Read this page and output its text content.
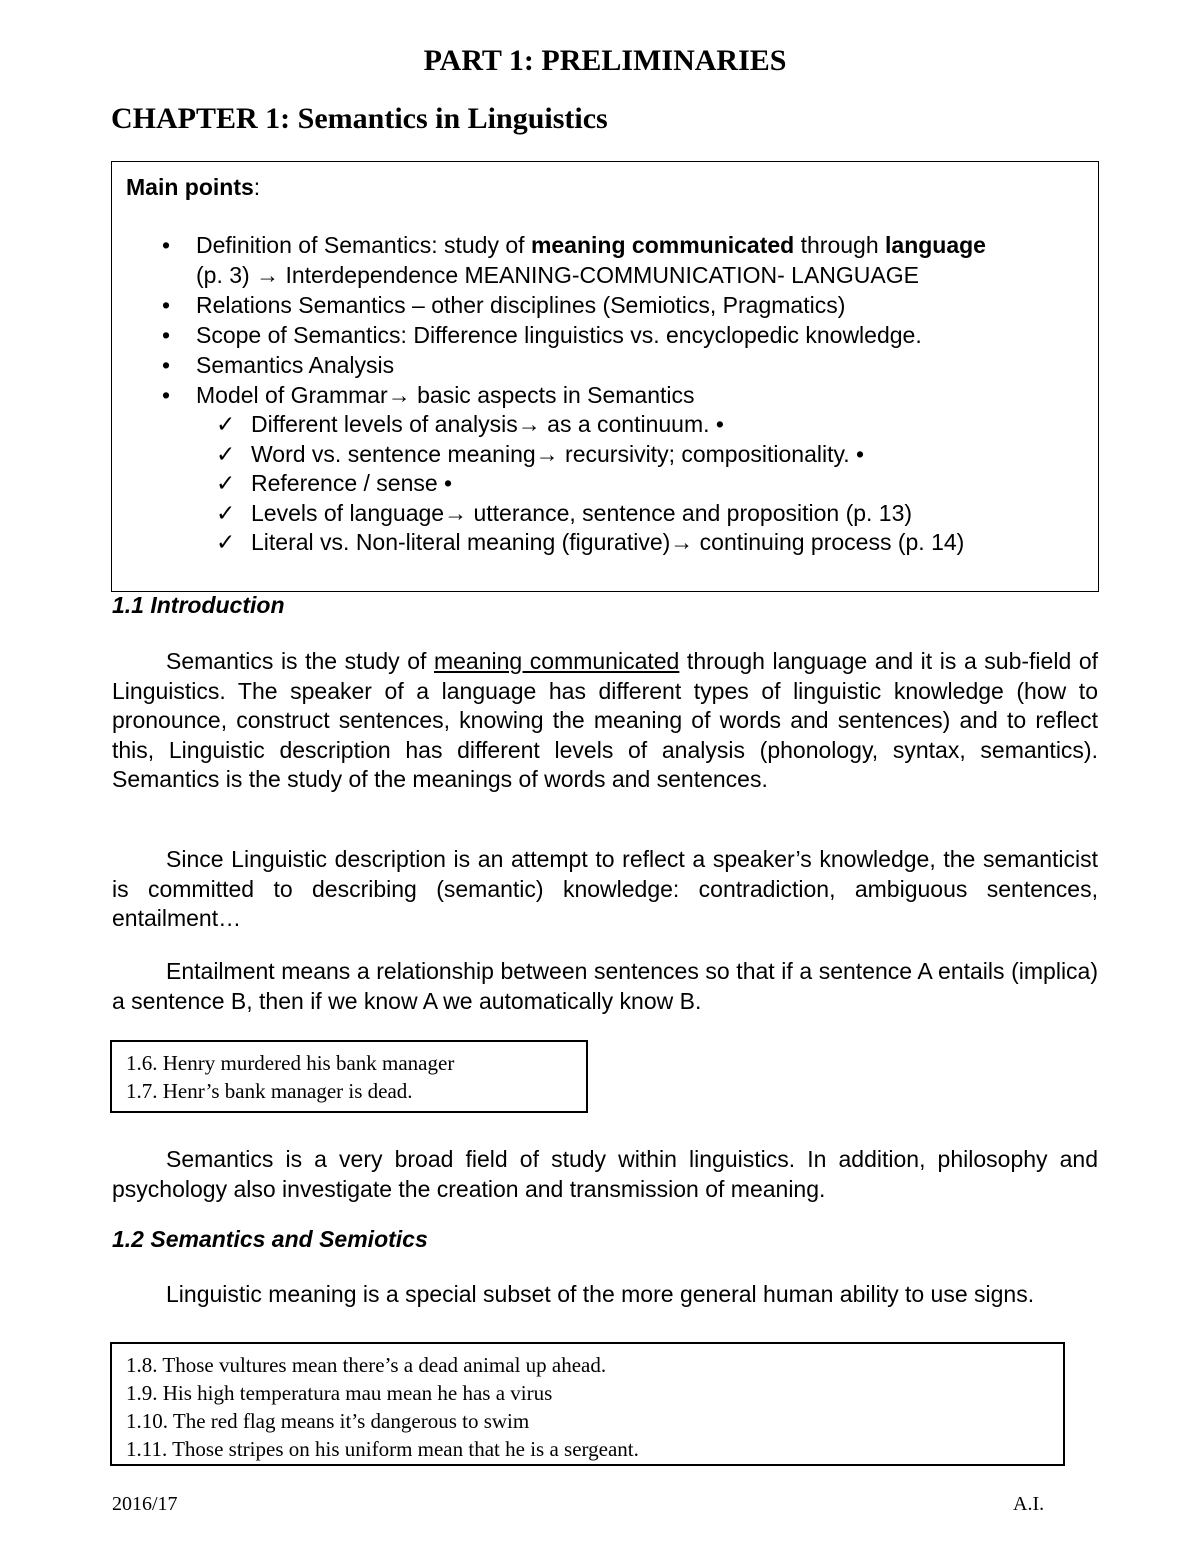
PART 1: PRELIMINARIES
CHAPTER 1: Semantics in Linguistics
Main points:
• Definition of Semantics: study of meaning communicated through language
(p. 3) → Interdependence MEANING-COMMUNICATION- LANGUAGE
• Relations Semantics – other disciplines (Semiotics, Pragmatics)
• Scope of Semantics: Difference linguistics vs. encyclopedic knowledge.
• Semantics Analysis
• Model of Grammar→ basic aspects in Semantics
✓ Different levels of analysis→ as a continuum. •
✓ Word vs. sentence meaning→ recursivity; compositionality. •
✓ Reference / sense •
✓ Levels of language→ utterance, sentence and proposition (p. 13)
✓ Literal vs. Non-literal meaning (figurative)→ continuing process (p. 14)
1.1 Introduction
Semantics is the study of meaning communicated through language and it is a sub-field of Linguistics. The speaker of a language has different types of linguistic knowledge (how to pronounce, construct sentences, knowing the meaning of words and sentences) and to reflect this, Linguistic description has different levels of analysis (phonology, syntax, semantics). Semantics is the study of the meanings of words and sentences.
Since Linguistic description is an attempt to reflect a speaker’s knowledge, the semanticist is committed to describing (semantic) knowledge: contradiction, ambiguous sentences, entailment…
Entailment means a relationship between sentences so that if a sentence A entails (implica) a sentence B, then if we know A we automatically know B.
1.6. Henry murdered his bank manager
1.7. Henr’s bank manager is dead.
Semantics is a very broad field of study within linguistics. In addition, philosophy and psychology also investigate the creation and transmission of meaning.
1.2 Semantics and Semiotics
Linguistic meaning is a special subset of the more general human ability to use signs.
1.8. Those vultures mean there’s a dead animal up ahead.
1.9. His high temperatura mau mean he has a virus
1.10. The red flag means it’s dangerous to swim
1.11. Those stripes on his uniform mean that he is a sergeant.
2016/17	A.I.
